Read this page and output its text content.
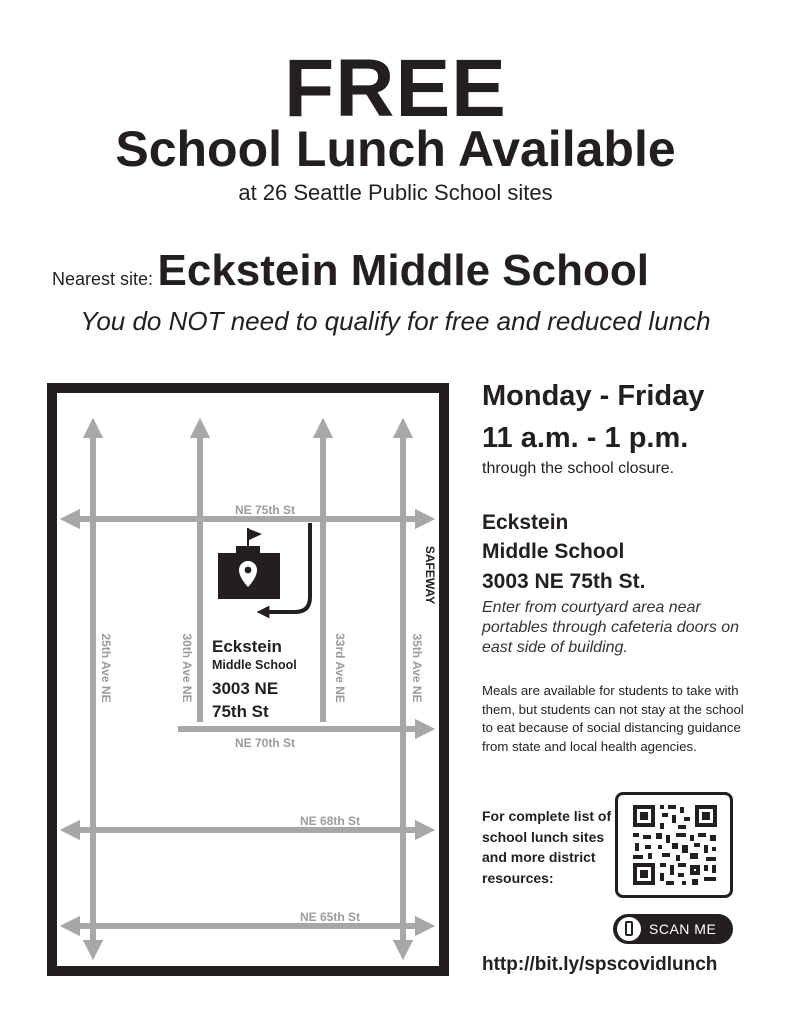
FREE
School Lunch Available
at 26 Seattle Public School sites
Nearest site: Eckstein Middle School
You do NOT need to qualify for free and reduced lunch
NE 75th St
NE 70th St
NE 68th St
NE 65th St
25th Ave NE	30th Ave NE	33rd Ave NE	35th Ave NE
SAFEWAY
Eckstein
Middle School
3003 NE
75th St
Monday - Friday
11 a.m. - 1 p.m.
through the school closure.
Eckstein
Middle School
3003 NE 75th St.
Enter from courtyard area near portables through cafeteria doors on east side of building.
Meals are available for students to take with them, but students can not stay at the school to eat because of social distancing guidance from state and local health agencies.
For complete list of school lunch sites and more district resources:
SCAN ME
http://bit.ly/spscovidlunch
